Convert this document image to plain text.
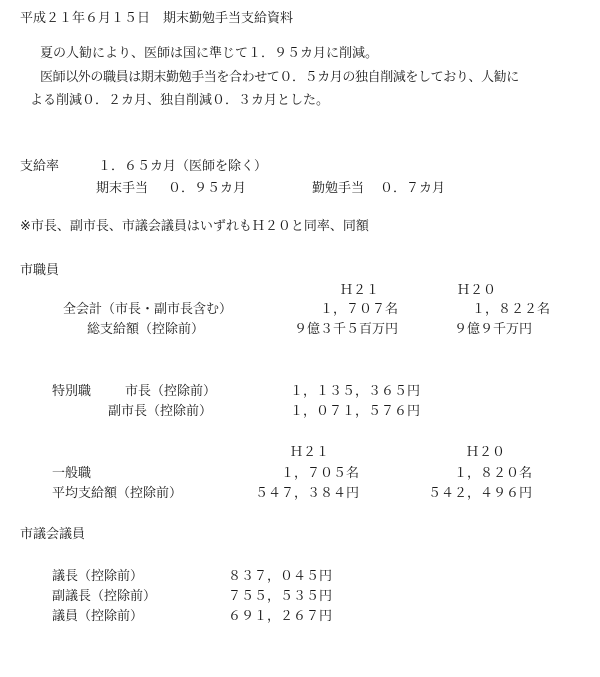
平成２１年６月１５日　期末勤勉手当支給資料
夏の人勧により、医師は国に準じて１．９５カ月に削減。
医師以外の職員は期末勤勉手当を合わせて０．５カ月の独自削減をしており、人勧に
よる削減０．２カ月、独自削減０．３カ月とした。
支給率	１．６５カ月（医師を除く）
期末手当 ０．９５カ月	勤勉手当 ０．７カ月
※市長、副市長、市議会議員はいずれもＨ２０と同率、同額
市職員
Ｈ２１	Ｈ２０
全会計（市長・副市長含む）	１，７０７名	１，８２２名
総支給額（控除前）	９億３千５百万円	９億９千万円
特別職	市長（控除前）	１，１３５，３６５円
副市長（控除前）	１，０７１，５７６円
Ｈ２１	Ｈ２０
一般職	１，７０５名	１，８２０名
平均支給額（控除前）	５４７，３８４円	５４２，４９６円
市議会議員
議長（控除前）	８３７，０４５円
副議長（控除前）	７５５，５３５円
議員（控除前）	６９１，２６７円
